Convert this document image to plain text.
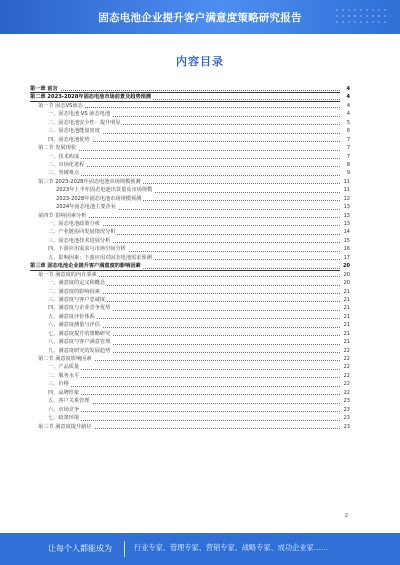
固态电池企业提升客户满意度策略研究报告
内容目录
第一章 前言	4
第二章 2023-2028年固态电池市场前景及趋势预测	4
第一节 固态VS液态	4
一、固态电池 VS 液态电池	4
二、固态电池安全性：提升明显	5
三、固态电池能量密度	6
四、固态电池优势	7
第二节 发展现状	7
一、技术构成	7
二、市场化进程	8
三、突破难点	9
第三节 2023-2028年固态电池市场规模预测	11
2023年上半年固态电池出货量及市场规模	11
2023-2028年固态电池市场规模预测	12
2024年固态电池主要企业	13
第四节 影响因素分析	13
一、固态电池政策分析	13
二、产业链协同发展情况分析	14
三、固态电池技术进展分析	15
四、下游应用需求与市场空间分析	16
五、影响因素：下游应用对固态电池需求预测	17
第三章 固态电池企业提升客户满意度的影响因素	20
第一节 满意度的内在要素	20
一、满意度的定义和概念	20
二、满意度的影响因素	21
三、满意度与客户忠诚度	21
四、满意度与企业竞争优势	21
五、满意度评价体系	21
六、满意度测量与评估	21
七、满意度提升的策略研究	21
八、满意度与客户满意管理	21
九、满意度研究的发展趋势	22
第二节 满意度影响因素	22
一、产品质量	22
二、服务水平	22
三、价格	22
四、品牌形象	22
五、客户关系管理	23
六、市场竞争	23
七、政策环境	23
第三节 满意度提升路径	23
2
让每个人都能成为	行业专家、管理专家、营销专家、战略专家、成功企业家……
